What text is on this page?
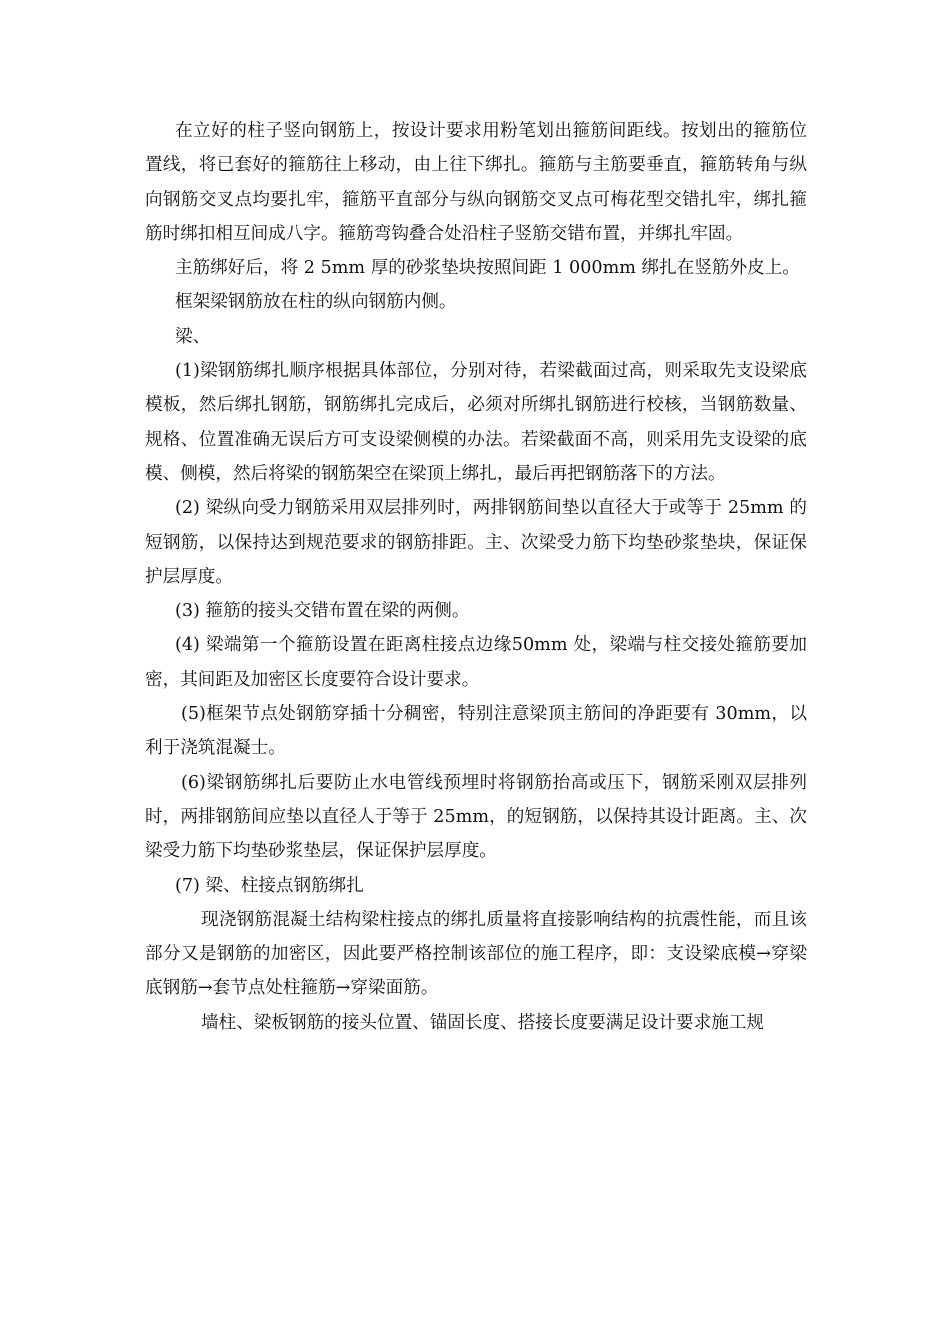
在立好的柱子竖向钢筋上，按设计要求用粉笔划出箍筋间距线。按划出的箍筋位置线，将已套好的箍筋往上移动，由上往下绑扎。箍筋与主筋要垂直，箍筋转角与纵向钢筋交叉点均要扎牢，箍筋平直部分与纵向钢筋交叉点可梅花型交错扎牢，绑扎箍筋时绑扣相互间成八字。箍筋弯钩叠合处沿柱子竖筋交错布置，并绑扎牢固。

主筋绑好后，将 2 5mm 厚的砂浆垫块按照间距 1 000mm 绑扎在竖筋外皮上。

框架梁钢筋放在柱的纵向钢筋内侧。

梁、

(1)梁钢筋绑扎顺序根据具体部位，分别对待，若梁截面过高，则采取先支设梁底模板，然后绑扎钢筋，钢筋绑扎完成后，必须对所绑扎钢筋进行校核，当钢筋数量、规格、位置准确无误后方可支设梁侧模的办法。若梁截面不高，则采用先支设梁的底模、侧模，然后将梁的钢筋架空在梁顶上绑扎，最后再把钢筋落下的方法。

(2) 梁纵向受力钢筋采用双层排列时，两排钢筋间垫以直径大于或等于 25mm 的短钢筋，以保持达到规范要求的钢筋排距。主、次梁受力筋下均垫砂浆垫块，保证保护层厚度。

(3) 箍筋的接头交错布置在梁的两侧。

(4) 梁端第一个箍筋设置在距离柱接点边缘50mm 处，梁端与柱交接处箍筋要加密，其间距及加密区长度要符合设计要求。

(5)框架节点处钢筋穿插十分稠密，特别注意梁顶主筋间的净距要有 30mm，以利于浇筑混凝士。

(6)梁钢筋绑扎后要防止水电管线预埋时将钢筋抬高或压下，钢筋采刚双层排列时，两排钢筋间应垫以直径人于等于 25mm，的短钢筋，以保持其设计距离。主、次梁受力筋下均垫砂浆垫层，保证保护层厚度。

(7) 梁、柱接点钢筋绑扎

现浇钢筋混凝土结构梁柱接点的绑扎质量将直接影响结构的抗震性能，而且该部分又是钢筋的加密区，因此要严格控制该部位的施工程序，即：支设梁底模→穿梁底钢筋→套节点处柱箍筋→穿梁面筋。

墙柱、梁板钢筋的接头位置、锚固长度、搭接长度要满足设计要求施工规
